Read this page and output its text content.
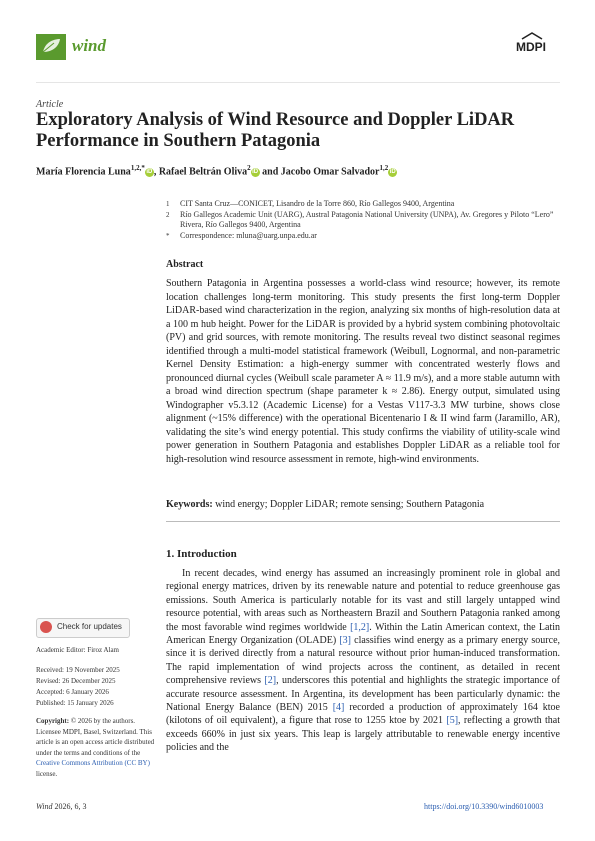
wind	MDPI
Article
Exploratory Analysis of Wind Resource and Doppler LiDAR Performance in Southern Patagonia
María Florencia Luna$^{1,2,*}$iD , Rafael Beltrán Oliva$^2$iD and Jacobo Omar Salvador$^{1,2}$iD
1 CIT Santa Cruz—CONICET, Lisandro de la Torre 860, Río Gallegos 9400, Argentina
2 Río Gallegos Academic Unit (UARG), Austral Patagonia National University (UNPA), Av. Gregores y Piloto “Lero” Rivera, Río Gallegos 9400, Argentina
* Correspondence: mluna@uarg.unpa.edu.ar
Abstract
Southern Patagonia in Argentina possesses a world-class wind resource; however, its remote location challenges long-term monitoring. This study presents the first long-term Doppler LiDAR-based wind characterization in the region, analyzing six months of high-resolution data at a 100 m hub height. Power for the LiDAR is provided by a hybrid system combining photovoltaic (PV) and grid sources, with remote monitoring. The results reveal two distinct seasonal regimes identified through a multi-model statistical framework (Weibull, Lognormal, and non-parametric Kernel Density Estimation: a high-energy summer with concentrated westerly flows and pronounced diurnal cycles (Weibull scale parameter A ≈ 11.9 m/s), and a more stable autumn with a broad wind direction spectrum (shape parameter k ≈ 2.86). Energy output, simulated using Windographer v5.3.12 (Academic License) for a Vestas V117-3.3 MW turbine, shows close alignment (~15% difference) with the operational Bicentenario I & II wind farm (Jaramillo, AR), validating the site’s wind energy potential. This study confirms the viability of utility-scale wind power generation in Southern Patagonia and establishes Doppler LiDAR as a reliable tool for high-resolution wind resource assessment in remote, high-wind environments.
Keywords: wind energy; Doppler LiDAR; remote sensing; Southern Patagonia
1. Introduction
In recent decades, wind energy has assumed an increasingly prominent role in global and regional energy matrices, driven by its renewable nature and potential to reduce greenhouse gas emissions. South America is particularly notable for its vast and still largely untapped wind resource potential, with areas such as Northeastern Brazil and Southern Patagonia ranked among the most favorable wind regimes worldwide [1,2]. Within the Latin American context, the Latin American Energy Organization (OLADE) [3] classifies wind energy as a primary energy source, since it is derived directly from a natural resource without prior human-induced transformation. The rapid implementation of wind projects across the continent, as detailed in recent comprehensive reviews [2], underscores this potential and highlights the strategic importance of accurate resource assessment. In Argentina, its development has been particularly dynamic: the National Energy Balance (BEN) 2015 [4] recorded a production of approximately 164 ktoe (kilotons of oil equivalent), a figure that rose to 1255 ktoe by 2021 [5], reflecting a growth that exceeds 660% in just six years. This leap is largely attributable to renewable energy incentive policies and the
Check for updates
Academic Editor: Firoz Alam
Received: 19 November 2025
Revised: 26 December 2025
Accepted: 6 January 2026
Published: 15 January 2026
Copyright: © 2026 by the authors. Licensee MDPI, Basel, Switzerland. This article is an open access article distributed under the terms and conditions of the Creative Commons Attribution (CC BY) license.
Wind 2026, 6, 3	https://doi.org/10.3390/wind6010003
